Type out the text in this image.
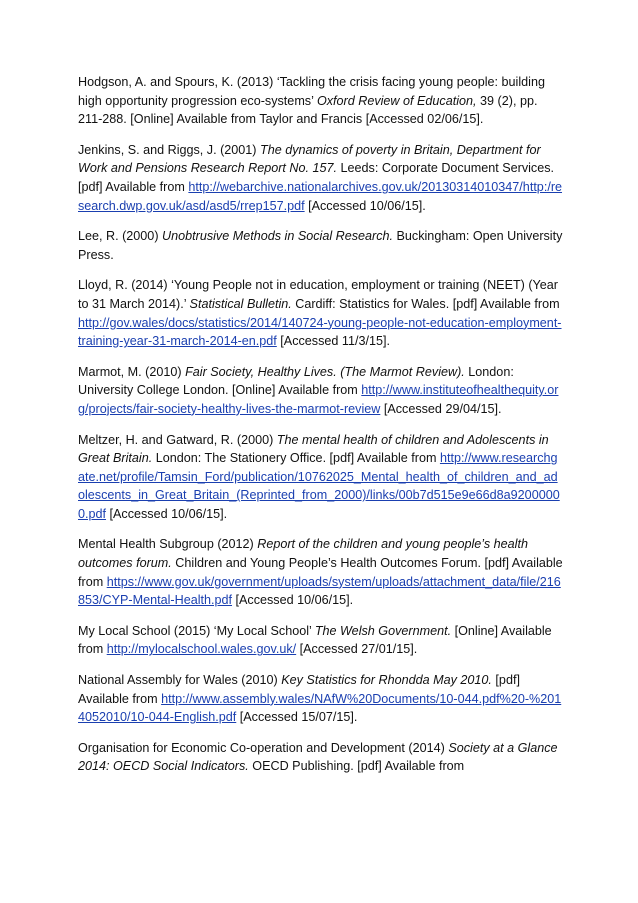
Hodgson, A. and Spours, K. (2013) ‘Tackling the crisis facing young people: building high opportunity progression eco-systems’ Oxford Review of Education, 39 (2), pp. 211-288. [Online] Available from Taylor and Francis [Accessed 02/06/15].

Jenkins, S. and Riggs, J. (2001) The dynamics of poverty in Britain, Department for Work and Pensions Research Report No. 157. Leeds: Corporate Document Services. [pdf] Available from http://webarchive.nationalarchives.gov.uk/20130314010347/http:/research.dwp.gov.uk/asd/asd5/rrep157.pdf [Accessed 10/06/15].

Lee, R. (2000) Unobtrusive Methods in Social Research. Buckingham: Open University Press.

Lloyd, R. (2014) ‘Young People not in education, employment or training (NEET) (Year to 31 March 2014).’ Statistical Bulletin. Cardiff: Statistics for Wales. [pdf] Available from http://gov.wales/docs/statistics/2014/140724-young-people-not-education-employment-training-year-31-march-2014-en.pdf [Accessed 11/3/15].

Marmot, M. (2010) Fair Society, Healthy Lives. (The Marmot Review). London: University College London. [Online] Available from http://www.instituteofhealthequity.org/projects/fair-society-healthy-lives-the-marmot-review [Accessed 29/04/15].

Meltzer, H. and Gatward, R. (2000) The mental health of children and Adolescents in Great Britain. London: The Stationery Office. [pdf] Available from http://www.researchgate.net/profile/Tamsin_Ford/publication/10762025_Mental_health_of_children_and_adolescents_in_Great_Britain_(Reprinted_from_2000)/links/00b7d515e9e66d8a92000000.pdf [Accessed 10/06/15].

Mental Health Subgroup (2012) Report of the children and young people’s health outcomes forum. Children and Young People’s Health Outcomes Forum. [pdf] Available from https://www.gov.uk/government/uploads/system/uploads/attachment_data/file/216853/CYP-Mental-Health.pdf [Accessed 10/06/15].

My Local School (2015) ‘My Local School’ The Welsh Government. [Online] Available from http://mylocalschool.wales.gov.uk/ [Accessed 27/01/15].

National Assembly for Wales (2010) Key Statistics for Rhondda May 2010. [pdf] Available from http://www.assembly.wales/NAfW%20Documents/10-044.pdf%20-%2014052010/10-044-English.pdf [Accessed 15/07/15].

Organisation for Economic Co-operation and Development (2014) Society at a Glance 2014: OECD Social Indicators. OECD Publishing. [pdf] Available from
